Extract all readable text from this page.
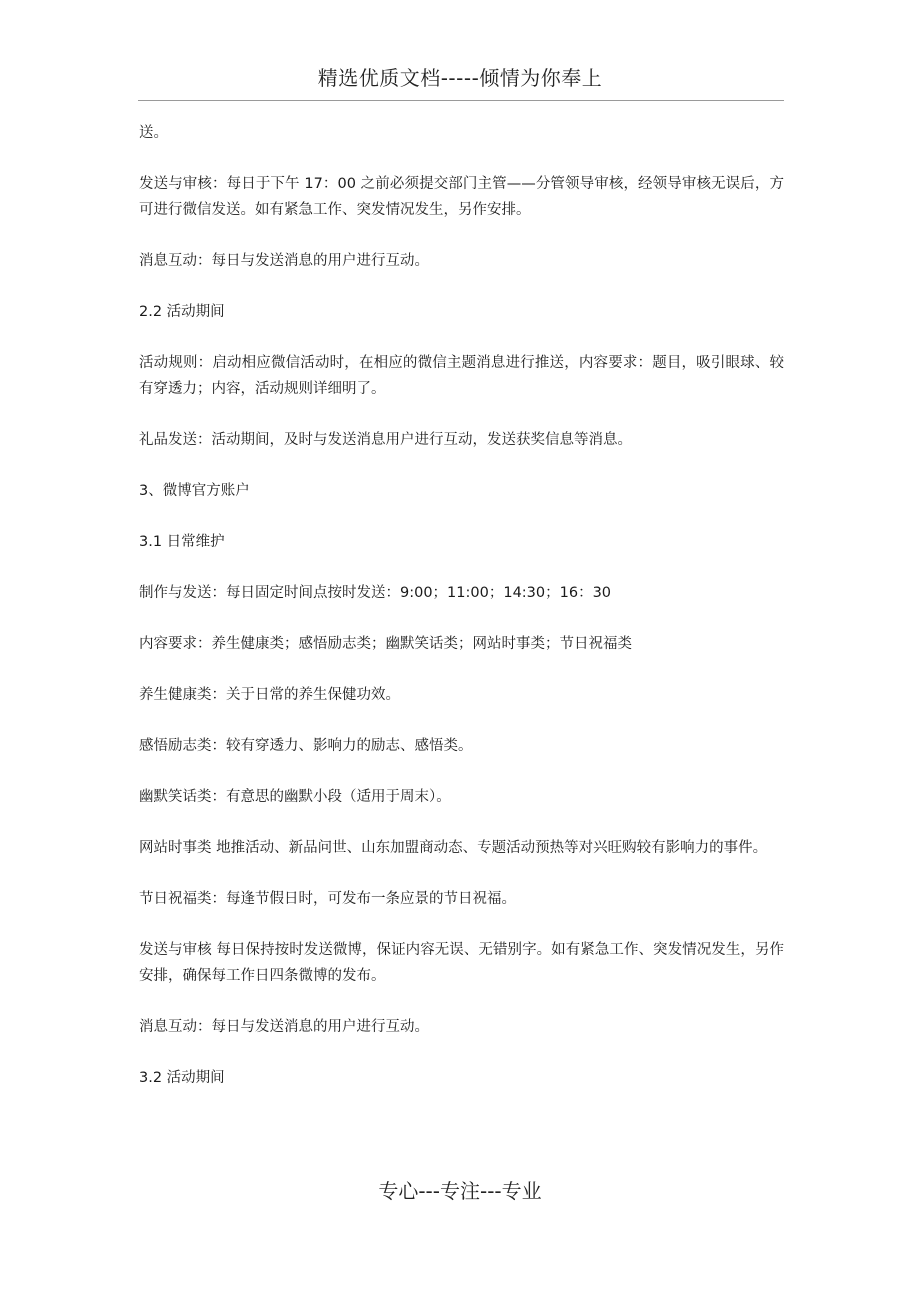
精选优质文档-----倾情为你奉上

送。

发送与审核：每日于下午 17：00 之前必须提交部门主管——分管领导审核，经领导审核无误后，方可进行微信发送。如有紧急工作、突发情况发生，另作安排。

消息互动：每日与发送消息的用户进行互动。

2.2 活动期间

活动规则：启动相应微信活动时，在相应的微信主题消息进行推送，内容要求：题目，吸引眼球、较有穿透力；内容，活动规则详细明了。

礼品发送：活动期间，及时与发送消息用户进行互动，发送获奖信息等消息。

3、微博官方账户

3.1 日常维护

制作与发送：每日固定时间点按时发送：9:00；11:00；14:30；16：30

内容要求：养生健康类；感悟励志类；幽默笑话类；网站时事类；节日祝福类

养生健康类：关于日常的养生保健功效。

感悟励志类：较有穿透力、影响力的励志、感悟类。

幽默笑话类：有意思的幽默小段（适用于周末）。

网站时事类 地推活动、新品问世、山东加盟商动态、专题活动预热等对兴旺购较有影响力的事件。

节日祝福类：每逢节假日时，可发布一条应景的节日祝福。

发送与审核 每日保持按时发送微博，保证内容无误、无错别字。如有紧急工作、突发情况发生，另作安排，确保每工作日四条微博的发布。

消息互动：每日与发送消息的用户进行互动。

3.2 活动期间

专心---专注---专业
